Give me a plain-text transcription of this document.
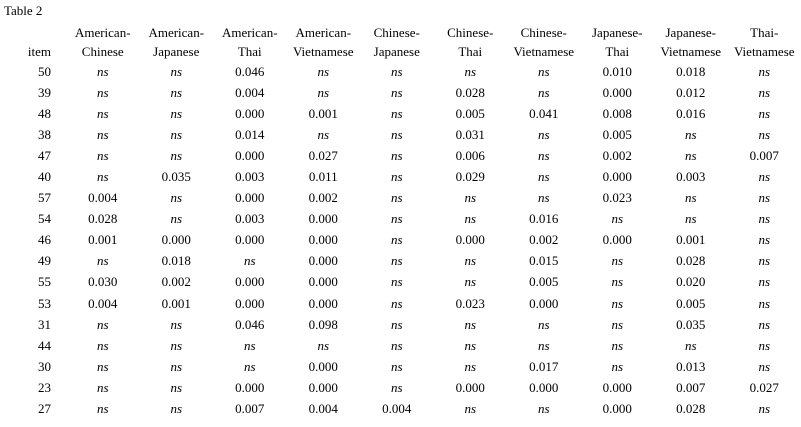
Table 2
	American-	American-	American-	American-	Chinese-	Chinese-	Chinese-	Japanese-	Japanese-	Thai-
item	Chinese	Japanese	Thai	Vietnamese	Japanese	Thai	Vietnamese	Thai	Vietnamese	Vietnamese
50	ns	ns	0.046	ns	ns	ns	ns	0.010	0.018	ns
39	ns	ns	0.004	ns	ns	0.028	ns	0.000	0.012	ns
48	ns	ns	0.000	0.001	ns	0.005	0.041	0.008	0.016	ns
38	ns	ns	0.014	ns	ns	0.031	ns	0.005	ns	ns
47	ns	ns	0.000	0.027	ns	0.006	ns	0.002	ns	0.007
40	ns	0.035	0.003	0.011	ns	0.029	ns	0.000	0.003	ns
57	0.004	ns	0.000	0.002	ns	ns	ns	0.023	ns	ns
54	0.028	ns	0.003	0.000	ns	ns	0.016	ns	ns	ns
46	0.001	0.000	0.000	0.000	ns	0.000	0.002	0.000	0.001	ns
49	ns	0.018	ns	0.000	ns	ns	0.015	ns	0.028	ns
55	0.030	0.002	0.000	0.000	ns	ns	0.005	ns	0.020	ns
53	0.004	0.001	0.000	0.000	ns	0.023	0.000	ns	0.005	ns
31	ns	ns	0.046	0.098	ns	ns	ns	ns	0.035	ns
44	ns	ns	ns	ns	ns	ns	ns	ns	ns	ns
30	ns	ns	ns	0.000	ns	ns	0.017	ns	0.013	ns
23	ns	ns	0.000	0.000	ns	0.000	0.000	0.000	0.007	0.027
27	ns	ns	0.007	0.004	0.004	ns	ns	0.000	0.028	ns
